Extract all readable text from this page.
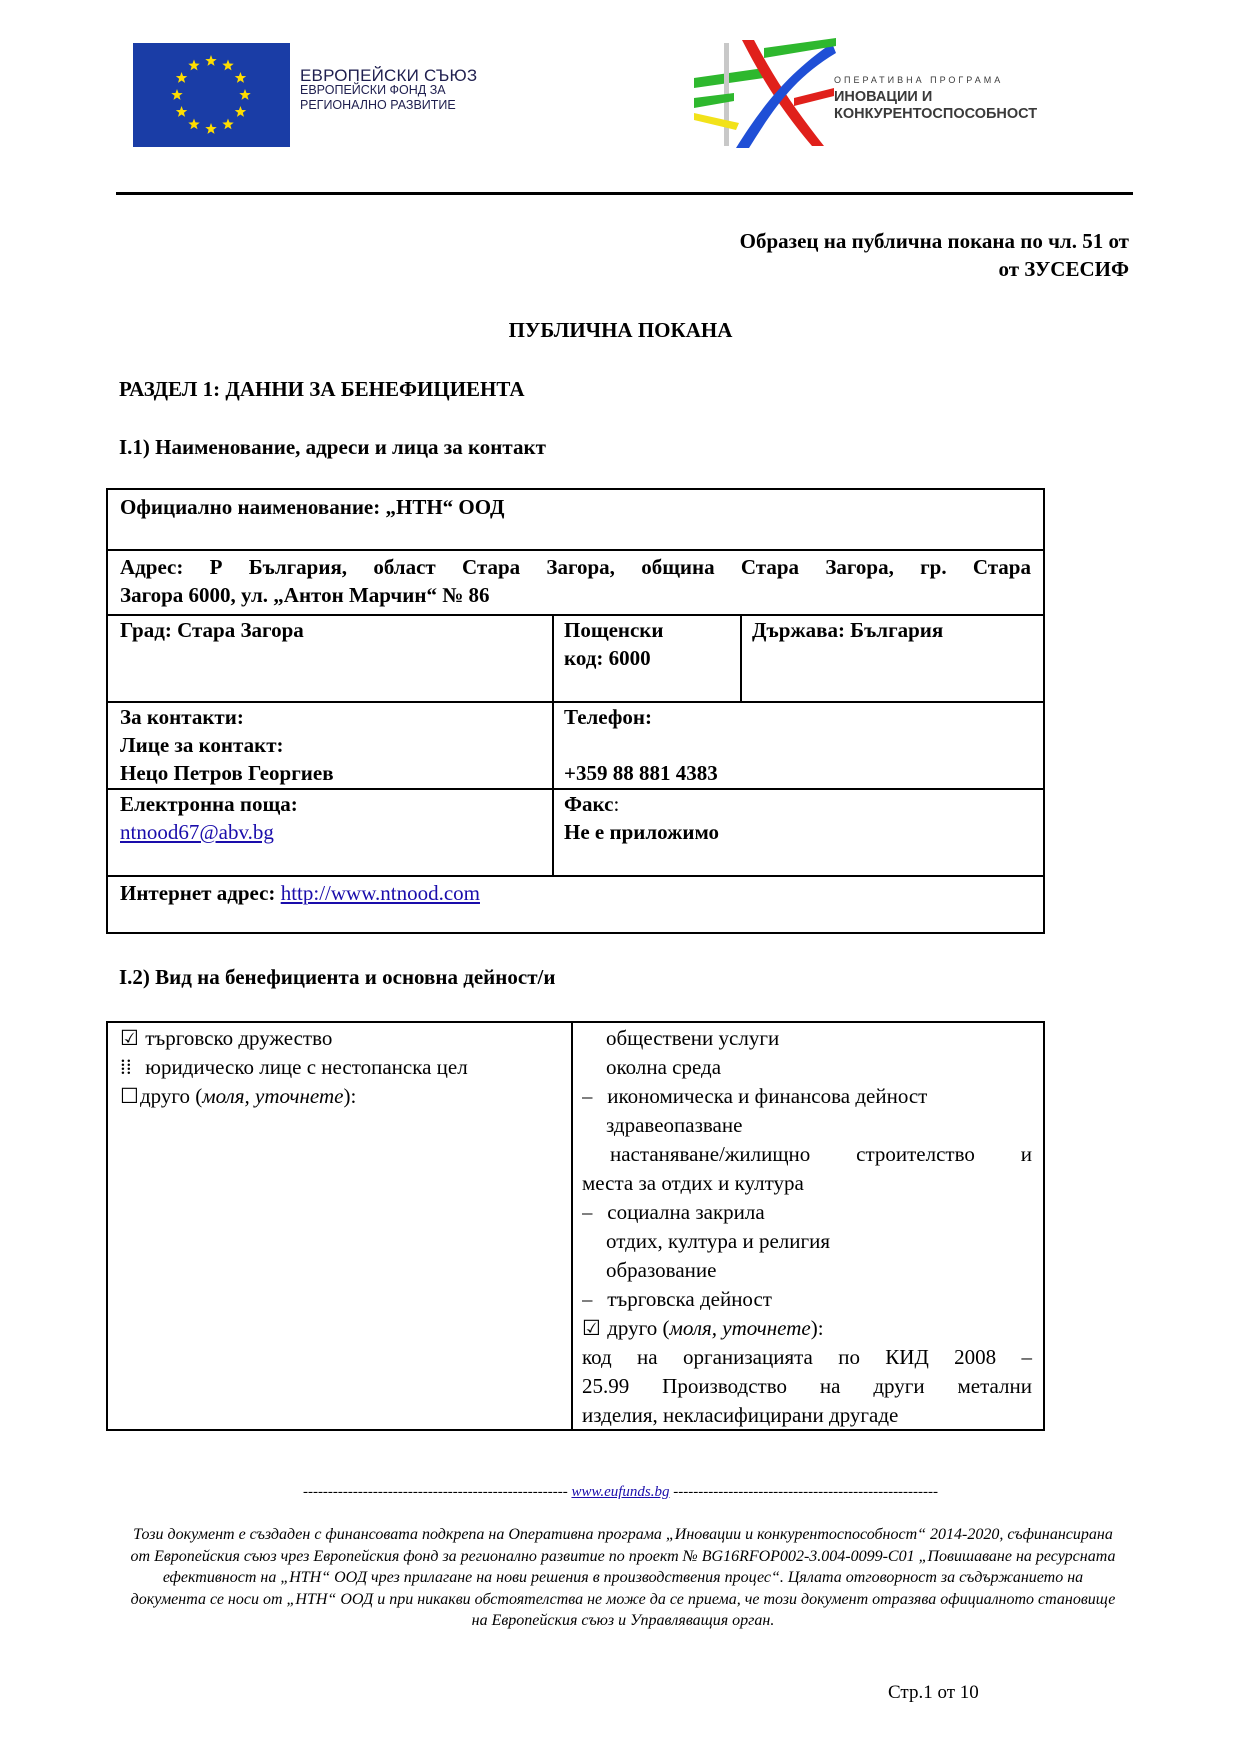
ЕВРОПЕЙСКИ СЪЮЗ
ЕВРОПЕЙСКИ ФОНД ЗА
РЕГИОНАЛНО РАЗВИТИЕ
ОПЕРАТИВНА ПРОГРАМА
ИНОВАЦИИ И
КОНКУРЕНТОСПОСОБНОСТ
Образец на публична покана по чл. 51 от
от ЗУСЕСИФ
ПУБЛИЧНА ПОКАНА
РАЗДЕЛ 1: ДАННИ ЗА БЕНЕФИЦИЕНТА
I.1) Наименование, адреси и лица за контакт
Официално наименование: „НТН“ ООД
Адрес: Р България, област Стара Загора, община Стара Загора, гр. Стара
Загора 6000, ул. „Антон Марчин“ № 86
Град: Стара Загора	Пощенски
код: 6000
Държава: България
За контакти:
Лице за контакт:
Нецо Петров Георгиев
Телефон:

+359 88 881 4383
Електронна поща:
ntnood67@abv.bg
Факс:
Не е приложимо
Интернет адрес: http://www.ntnood.com
I.2) Вид на бенефициента и основна дейност/и
☑ търговско дружество
⁞⁞ юридическо лице с нестопанска цел
☐друго (моля, уточнете):
обществени услуги
околна среда
⎯ икономическа и финансова дейност
здравеопазване
настаняване/жилищно строителство и
места за отдих и култура
⎯ социална закрила
отдих, култура и религия
образование
⎯ търговска дейност
☑ друго (моля, уточнете):
код на организацията по КИД 2008 –
25.99 Производство на други метални
изделия, некласифицирани другаде
----------------------------------------------------- www.eufunds.bg -----------------------------------------------------
Този документ е създаден с финансовата подкрепа на Оперативна програма „Иновации и конкурентоспособност“ 2014-2020, съфинансирана от Европейския съюз чрез Европейския фонд за регионално развитие по проект № BG16RFOP002-3.004-0099-C01 „Повишаване на ресурсната ефективност на „НТН“ ООД чрез прилагане на нови решения в производствения процес“. Цялата отговорност за съдържанието на документа се носи от „НТН“ ООД и при никакви обстоятелства не може да се приема, че този документ отразява официалното становище на Европейския съюз и Управляващия орган.
Стр.1 от 10
